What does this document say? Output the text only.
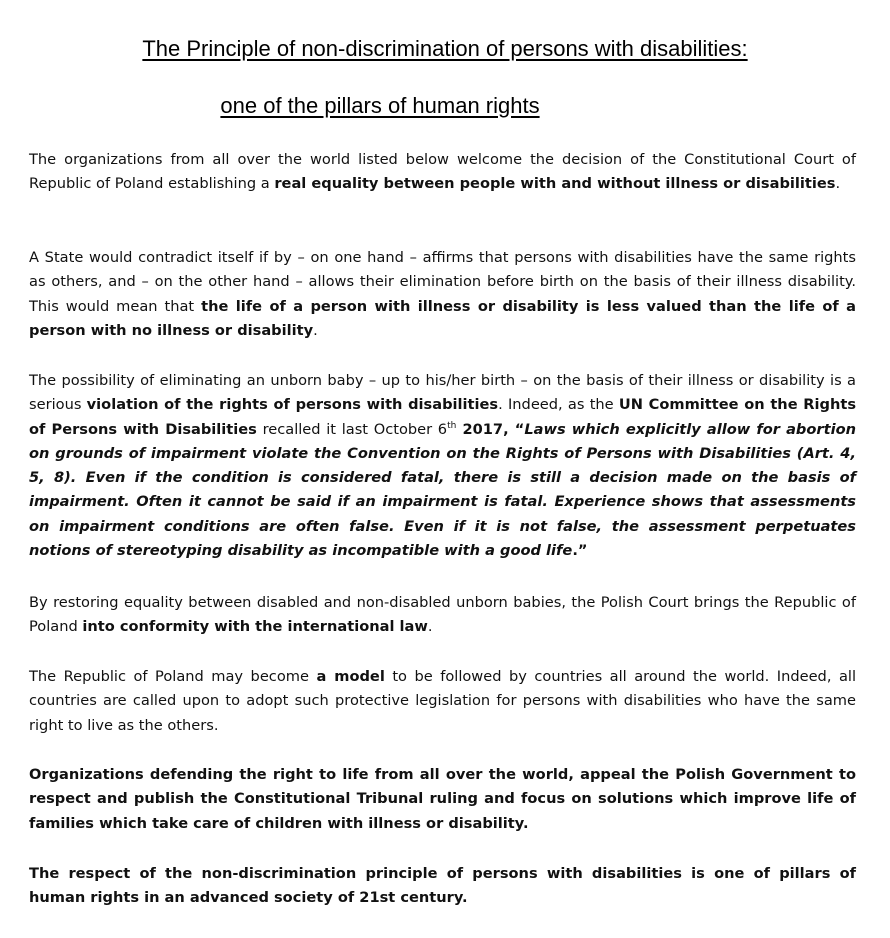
The Principle of non-discrimination of persons with disabilities:
one of the pillars of human rights

The organizations from all over the world listed below welcome the decision of the Constitutional Court of Republic of Poland establishing a real equality between people with and without illness or disabilities.

A State would contradict itself if by – on one hand – affirms that persons with disabilities have the same rights as others, and – on the other hand – allows their elimination before birth on the basis of their illness disability. This would mean that the life of a person with illness or disability is less valued than the life of a person with no illness or disability.

The possibility of eliminating an unborn baby – up to his/her birth – on the basis of their illness or disability is a serious violation of the rights of persons with disabilities. Indeed, as the UN Committee on the Rights of Persons with Disabilities recalled it last October 6th 2017, “Laws which explicitly allow for abortion on grounds of impairment violate the Convention on the Rights of Persons with Disabilities (Art. 4, 5, 8). Even if the condition is considered fatal, there is still a decision made on the basis of impairment. Often it cannot be said if an impairment is fatal. Experience shows that assessments on impairment conditions are often false. Even if it is not false, the assessment perpetuates notions of stereotyping disability as incompatible with a good life.”

By restoring equality between disabled and non-disabled unborn babies, the Polish Court brings the Republic of Poland into conformity with the international law.

The Republic of Poland may become a model to be followed by countries all around the world. Indeed, all countries are called upon to adopt such protective legislation for persons with disabilities who have the same right to live as the others.

Organizations defending the right to life from all over the world, appeal the Polish Government to respect and publish the Constitutional Tribunal ruling and focus on solutions which improve life of families which take care of children with illness or disability.

The respect of the non-discrimination principle of persons with disabilities is one of pillars of human rights in an advanced society of 21st century.
